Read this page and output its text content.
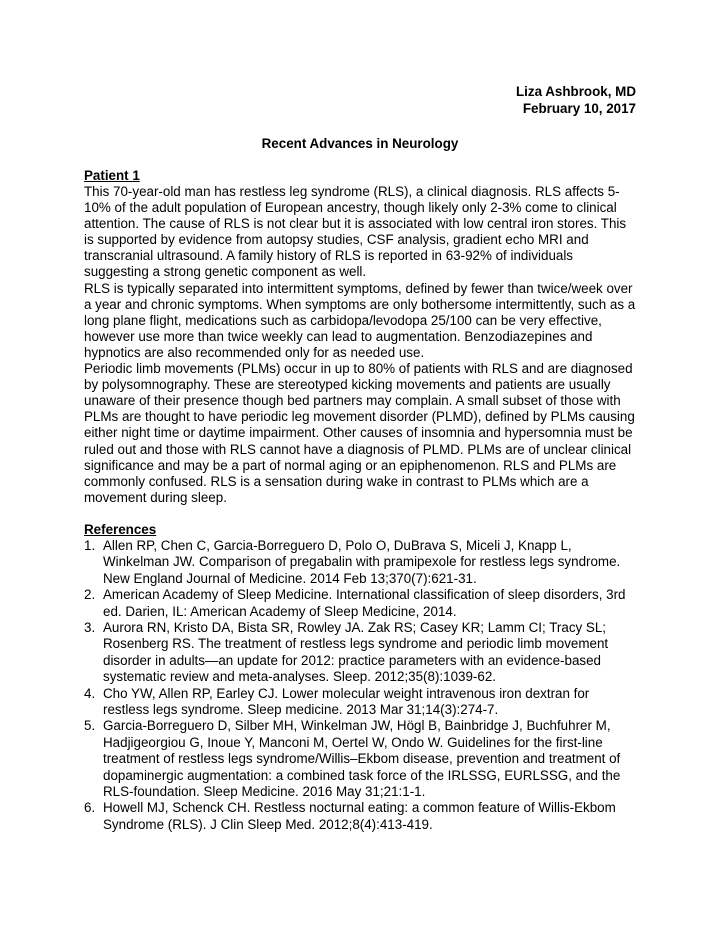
Liza Ashbrook, MD
February 10, 2017
Recent Advances in Neurology
Patient 1

This 70-year-old man has restless leg syndrome (RLS), a clinical diagnosis. RLS affects 5-10% of the adult population of European ancestry, though likely only 2-3% come to clinical attention. The cause of RLS is not clear but it is associated with low central iron stores. This is supported by evidence from autopsy studies, CSF analysis, gradient echo MRI and transcranial ultrasound. A family history of RLS is reported in 63-92% of individuals suggesting a strong genetic component as well.

RLS is typically separated into intermittent symptoms, defined by fewer than twice/week over a year and chronic symptoms. When symptoms are only bothersome intermittently, such as a long plane flight, medications such as carbidopa/levodopa 25/100 can be very effective, however use more than twice weekly can lead to augmentation. Benzodiazepines and hypnotics are also recommended only for as needed use.

Periodic limb movements (PLMs) occur in up to 80% of patients with RLS and are diagnosed by polysomnography. These are stereotyped kicking movements and patients are usually unaware of their presence though bed partners may complain. A small subset of those with PLMs are thought to have periodic leg movement disorder (PLMD), defined by PLMs causing either night time or daytime impairment. Other causes of insomnia and hypersomnia must be ruled out and those with RLS cannot have a diagnosis of PLMD. PLMs are of unclear clinical significance and may be a part of normal aging or an epiphenomenon. RLS and PLMs are commonly confused. RLS is a sensation during wake in contrast to PLMs which are a movement during sleep.

References
1. Allen RP, Chen C, Garcia-Borreguero D, Polo O, DuBrava S, Miceli J, Knapp L, Winkelman JW. Comparison of pregabalin with pramipexole for restless legs syndrome. New England Journal of Medicine. 2014 Feb 13;370(7):621-31.
2. American Academy of Sleep Medicine. International classification of sleep disorders, 3rd ed. Darien, IL: American Academy of Sleep Medicine, 2014.
3. Aurora RN, Kristo DA, Bista SR, Rowley JA. Zak RS; Casey KR; Lamm CI; Tracy SL; Rosenberg RS. The treatment of restless legs syndrome and periodic limb movement disorder in adults—an update for 2012: practice parameters with an evidence-based systematic review and meta-analyses. Sleep. 2012;35(8):1039-62.
4. Cho YW, Allen RP, Earley CJ. Lower molecular weight intravenous iron dextran for restless legs syndrome. Sleep medicine. 2013 Mar 31;14(3):274-7.
5. Garcia-Borreguero D, Silber MH, Winkelman JW, Högl B, Bainbridge J, Buchfuhrer M, Hadjigeorgiou G, Inoue Y, Manconi M, Oertel W, Ondo W. Guidelines for the first-line treatment of restless legs syndrome/Willis–Ekbom disease, prevention and treatment of dopaminergic augmentation: a combined task force of the IRLSSG, EURLSSG, and the RLS-foundation. Sleep Medicine. 2016 May 31;21:1-1.
6. Howell MJ, Schenck CH. Restless nocturnal eating: a common feature of Willis-Ekbom Syndrome (RLS). J Clin Sleep Med. 2012;8(4):413-419.
